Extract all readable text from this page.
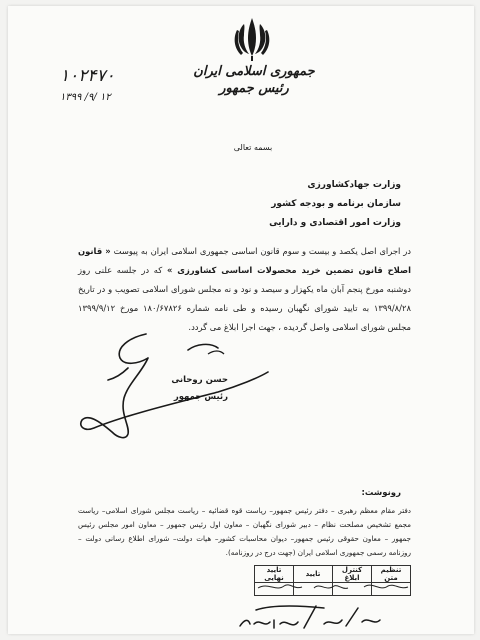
جمهوری اسلامی ایران
رئیس جمهور
۱۰۲۴۷۰
۱۳۹۹ /۹/ ۱۲
بسمه تعالی
وزارت جهادکشاورزی
سازمان برنامه و بودجه کشور
وزارت امور اقتصادی و دارایی
در اجرای اصل یکصد و بیست و سوم قانون اساسی جمهوری اسلامی ایران به پیوست « قانون اصلاح قانون تضمین خرید محصولات اساسی کشاورزی » که در جلسه علنی روز دوشنبه مورخ پنجم آبان ماه یکهزار و سیصد و نود و نه مجلس شورای اسلامی تصویب و در تاریخ ۱۳۹۹/۸/۲۸ به تایید شورای نگهبان رسیده و طی نامه شماره ۱۸۰/۶۷۸۲۶ مورخ ۱۳۹۹/۹/۱۲ مجلس شورای اسلامی واصل گردیده ، جهت اجرا ابلاغ می گردد.
حسن روحانی
رئیس جمهور
رونوشت:
دفتر مقام معظم رهبری – دفتر رئیس جمهور– ریاست قوه قضائیه – ریاست مجلس شورای اسلامی– ریاست مجمع تشخیص مصلحت نظام – دبیر شورای نگهبان – معاون اول رئیس جمهور – معاون امور مجلس رئیس جمهور – معاون حقوقی رئیس جمهور– دیوان محاسبات کشور– هیات دولت– شورای اطلاع رسانی دولت – روزنامه رسمی جمهوری اسلامی ایران (جهت درج در روزنامه).
تنظیم متن	کنترل ابلاغ	تایید	تایید نهایی
